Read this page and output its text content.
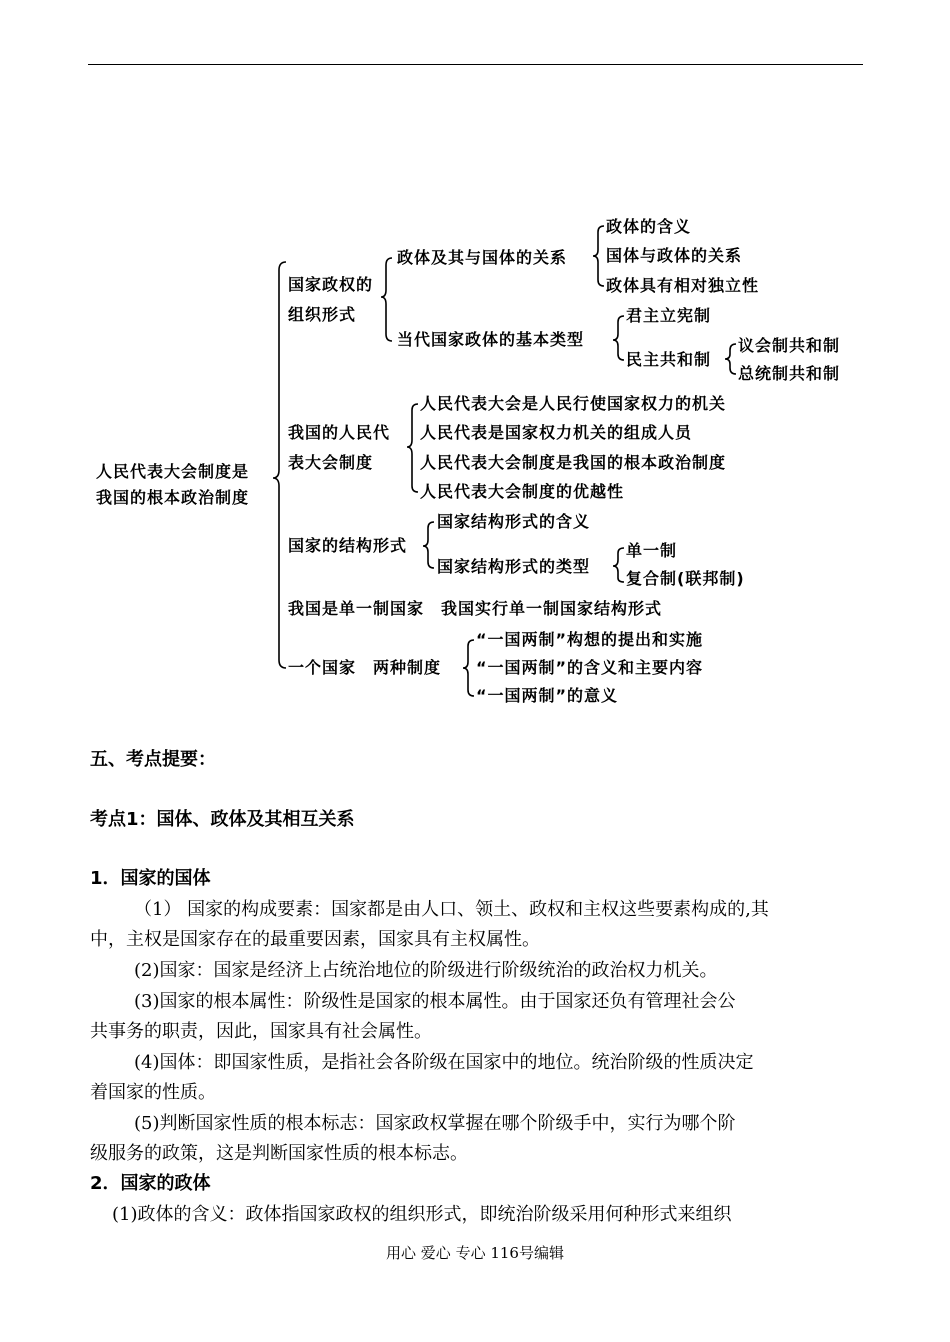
人民代表大会制度是
我国的根本政治制度
国家政权的
组织形式
政体及其与国体的关系
政体的含义
国体与政体的关系
政体具有相对独立性
当代国家政体的基本类型
君主立宪制
民主共和制
议会制共和制
总统制共和制
我国的人民代
表大会制度
人民代表大会是人民行使国家权力的机关
人民代表是国家权力机关的组成人员
人民代表大会制度是我国的根本政治制度
人民代表大会制度的优越性
国家的结构形式
国家结构形式的含义
国家结构形式的类型
单一制
复合制(联邦制)
我国是单一制国家　我国实行单一制国家结构形式
一个国家　两种制度
“一国两制”构想的提出和实施
“一国两制”的含义和主要内容
“一国两制”的意义
五、考点提要：
考点1：国体、政体及其相互关系
1．国家的国体
（1） 国家的构成要素：国家都是由人口、领土、政权和主权这些要素构成的,其
中，主权是国家存在的最重要因素，国家具有主权属性。
(2)国家：国家是经济上占统治地位的阶级进行阶级统治的政治权力机关。
(3)国家的根本属性：阶级性是国家的根本属性。由于国家还负有管理社会公
共事务的职责，因此，国家具有社会属性。
(4)国体：即国家性质，是指社会各阶级在国家中的地位。统治阶级的性质决定
着国家的性质。
(5)判断国家性质的根本标志：国家政权掌握在哪个阶级手中，实行为哪个阶
级服务的政策，这是判断国家性质的根本标志。
2．国家的政体
(1)政体的含义：政体指国家政权的组织形式，即统治阶级采用何种形式来组织
用心 爱心 专心 116号编辑
